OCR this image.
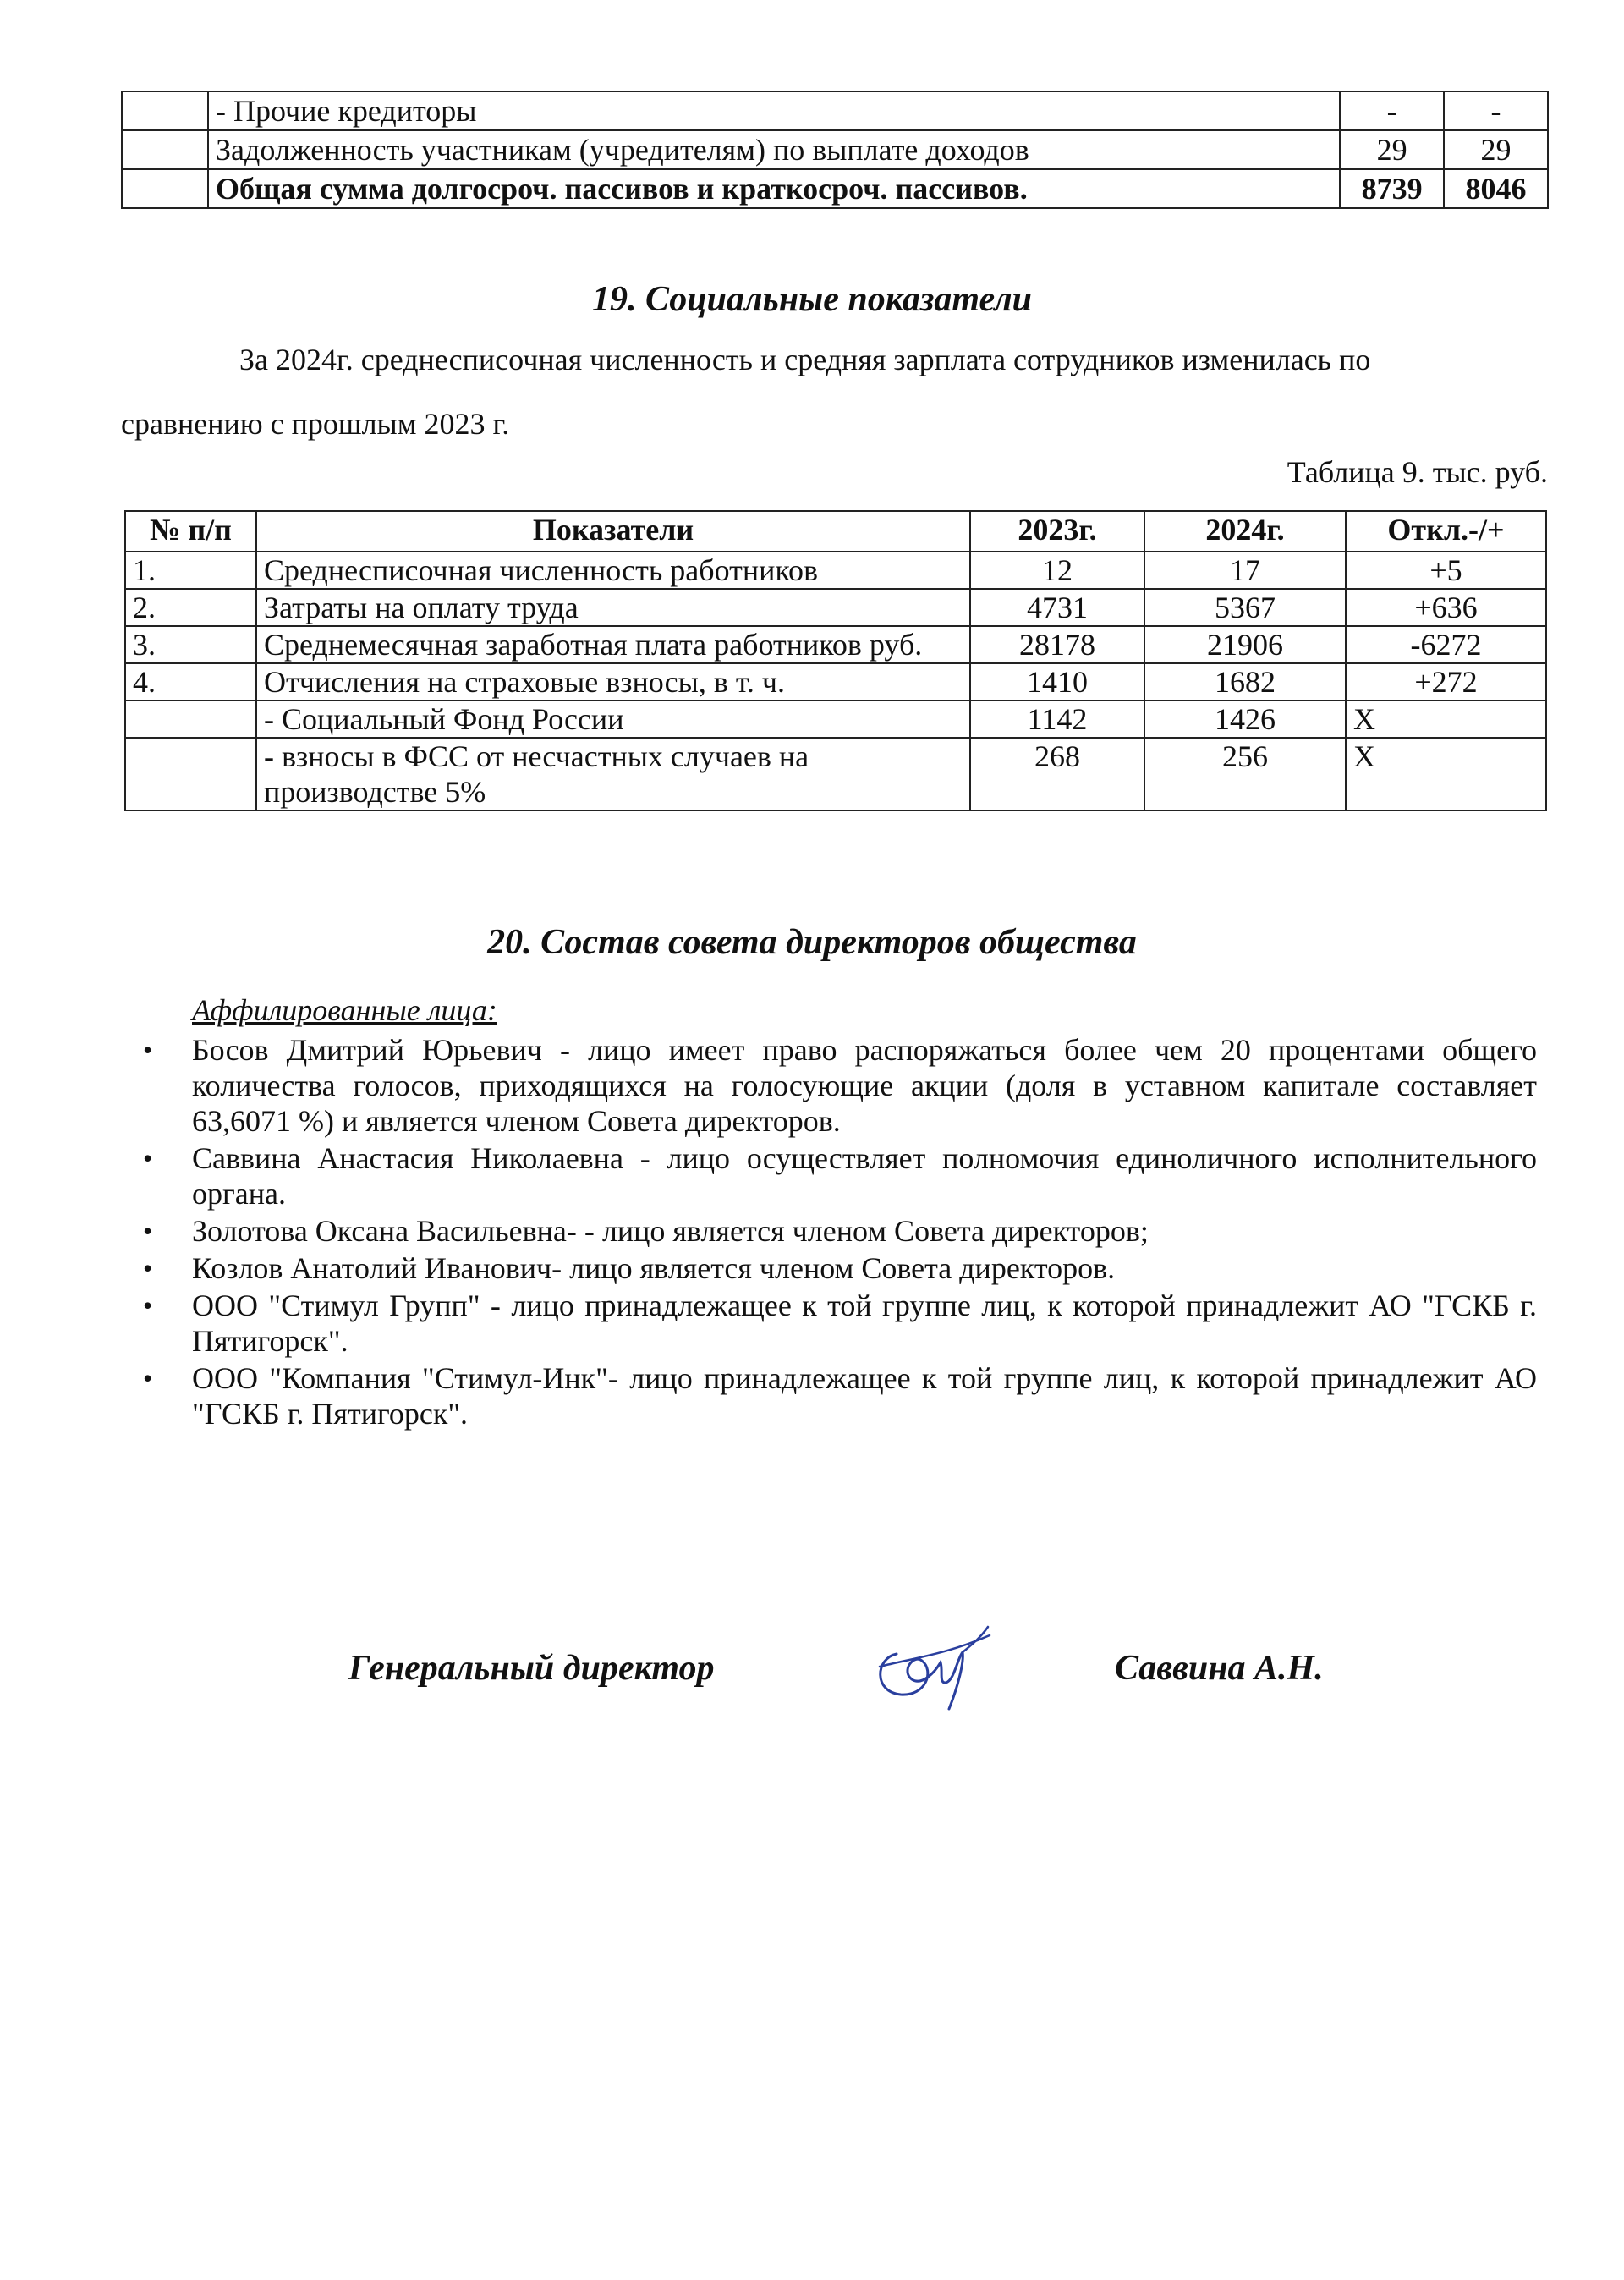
	- Прочие кредиторы	-	-
	Задолженность участникам (учредителям) по выплате доходов	29	29
	Общая сумма долгосроч. пассивов и краткосроч. пассивов.	8739	8046
19. Социальные показатели
За 2024г. среднесписочная численность и средняя зарплата сотрудников изменилась по
сравнению с прошлым 2023 г.
Таблица 9. тыс. руб.
№ п/п	Показатели	2023г.	2024г.	Откл.-/+
1.	Среднесписочная численность работников	12	17	+5
2.	Затраты на оплату труда	4731	5367	+636
3.	Среднемесячная заработная плата работников руб.	28178	21906	-6272
4.	Отчисления на страховые взносы, в т. ч.	1410	1682	+272
	- Социальный Фонд России	1142	1426	X
	- взносы в ФСС от несчастных случаев на производстве 5%	268	256	X
20. Состав совета директоров общества
Аффилированные лица:
• Босов Дмитрий Юрьевич - лицо имеет право распоряжаться более чем 20 процентами общего количества голосов, приходящихся на голосующие акции (доля в уставном капитале составляет 63,6071 %) и является членом Совета директоров.
• Саввина Анастасия Николаевна - лицо осуществляет полномочия единоличного исполнительного органа.
• Золотова Оксана Васильевна- - лицо является членом Совета директоров;
• Козлов Анатолий Иванович- лицо является членом Совета директоров.
• ООО "Стимул Групп" - лицо принадлежащее к той группе лиц, к которой принадлежит АО "ГСКБ г. Пятигорск".
• ООО "Компания "Стимул-Инк"- лицо принадлежащее к той группе лиц, к которой принадлежит АО "ГСКБ г. Пятигорск".
Генеральный директор	Саввина А.Н.
